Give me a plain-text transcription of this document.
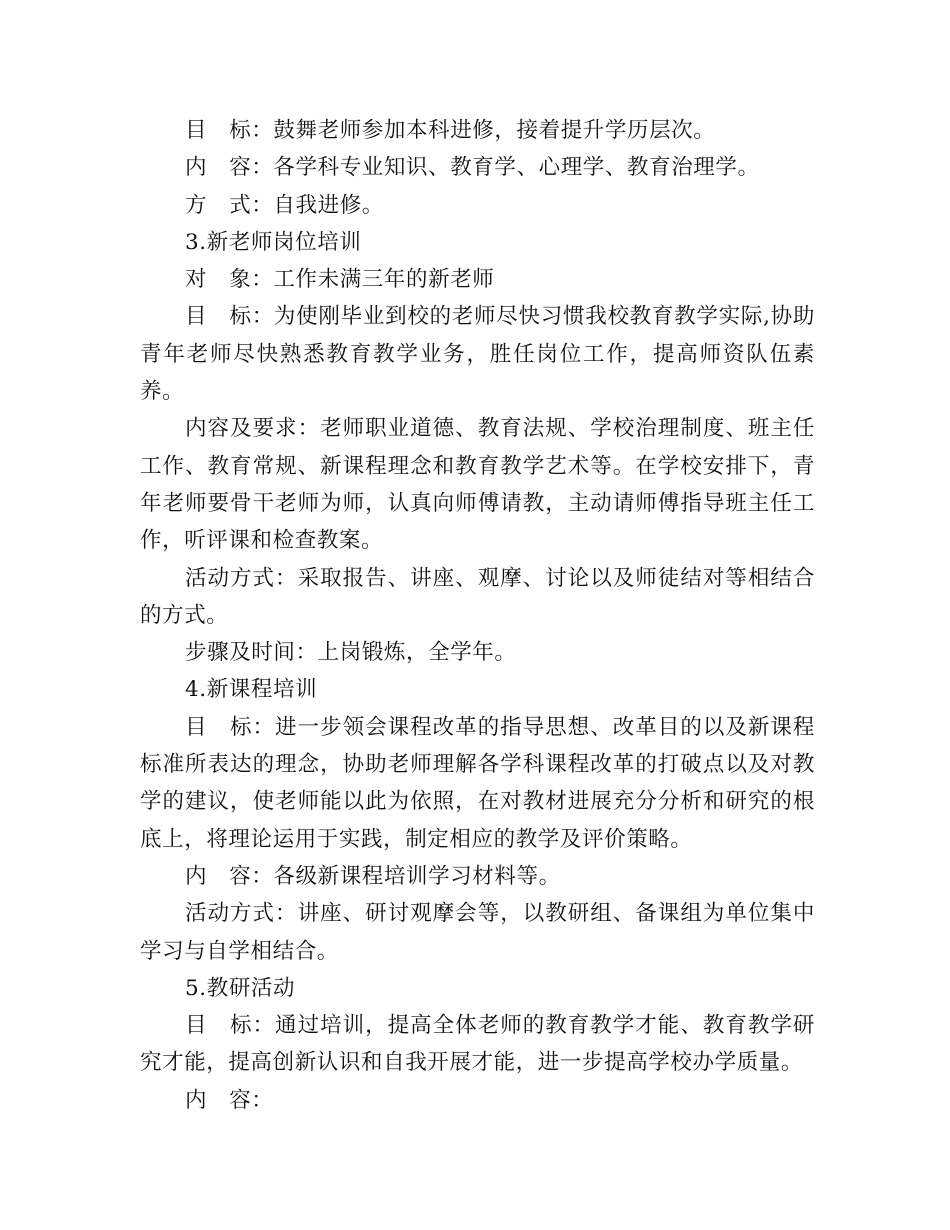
目　标：鼓舞老师参加本科进修，接着提升学历层次。

内　容：各学科专业知识、教育学、心理学、教育治理学。

方　式：自我进修。

3.新老师岗位培训

对　象：工作未满三年的新老师

目　标：为使刚毕业到校的老师尽快习惯我校教育教学实际,协助青年老师尽快熟悉教育教学业务，胜任岗位工作，提高师资队伍素养。

内容及要求：老师职业道德、教育法规、学校治理制度、班主任工作、教育常规、新课程理念和教育教学艺术等。在学校安排下，青年老师要骨干老师为师，认真向师傅请教，主动请师傅指导班主任工作，听评课和检查教案。

活动方式：采取报告、讲座、观摩、讨论以及师徒结对等相结合的方式。

步骤及时间：上岗锻炼，全学年。

4.新课程培训

目　标：进一步领会课程改革的指导思想、改革目的以及新课程标准所表达的理念，协助老师理解各学科课程改革的打破点以及对教学的建议，使老师能以此为依照，在对教材进展充分分析和研究的根底上，将理论运用于实践，制定相应的教学及评价策略。

内　容：各级新课程培训学习材料等。

活动方式：讲座、研讨观摩会等，以教研组、备课组为单位集中学习与自学相结合。

5.教研活动

目　标：通过培训，提高全体老师的教育教学才能、教育教学研究才能，提高创新认识和自我开展才能，进一步提高学校办学质量。

内　容：
